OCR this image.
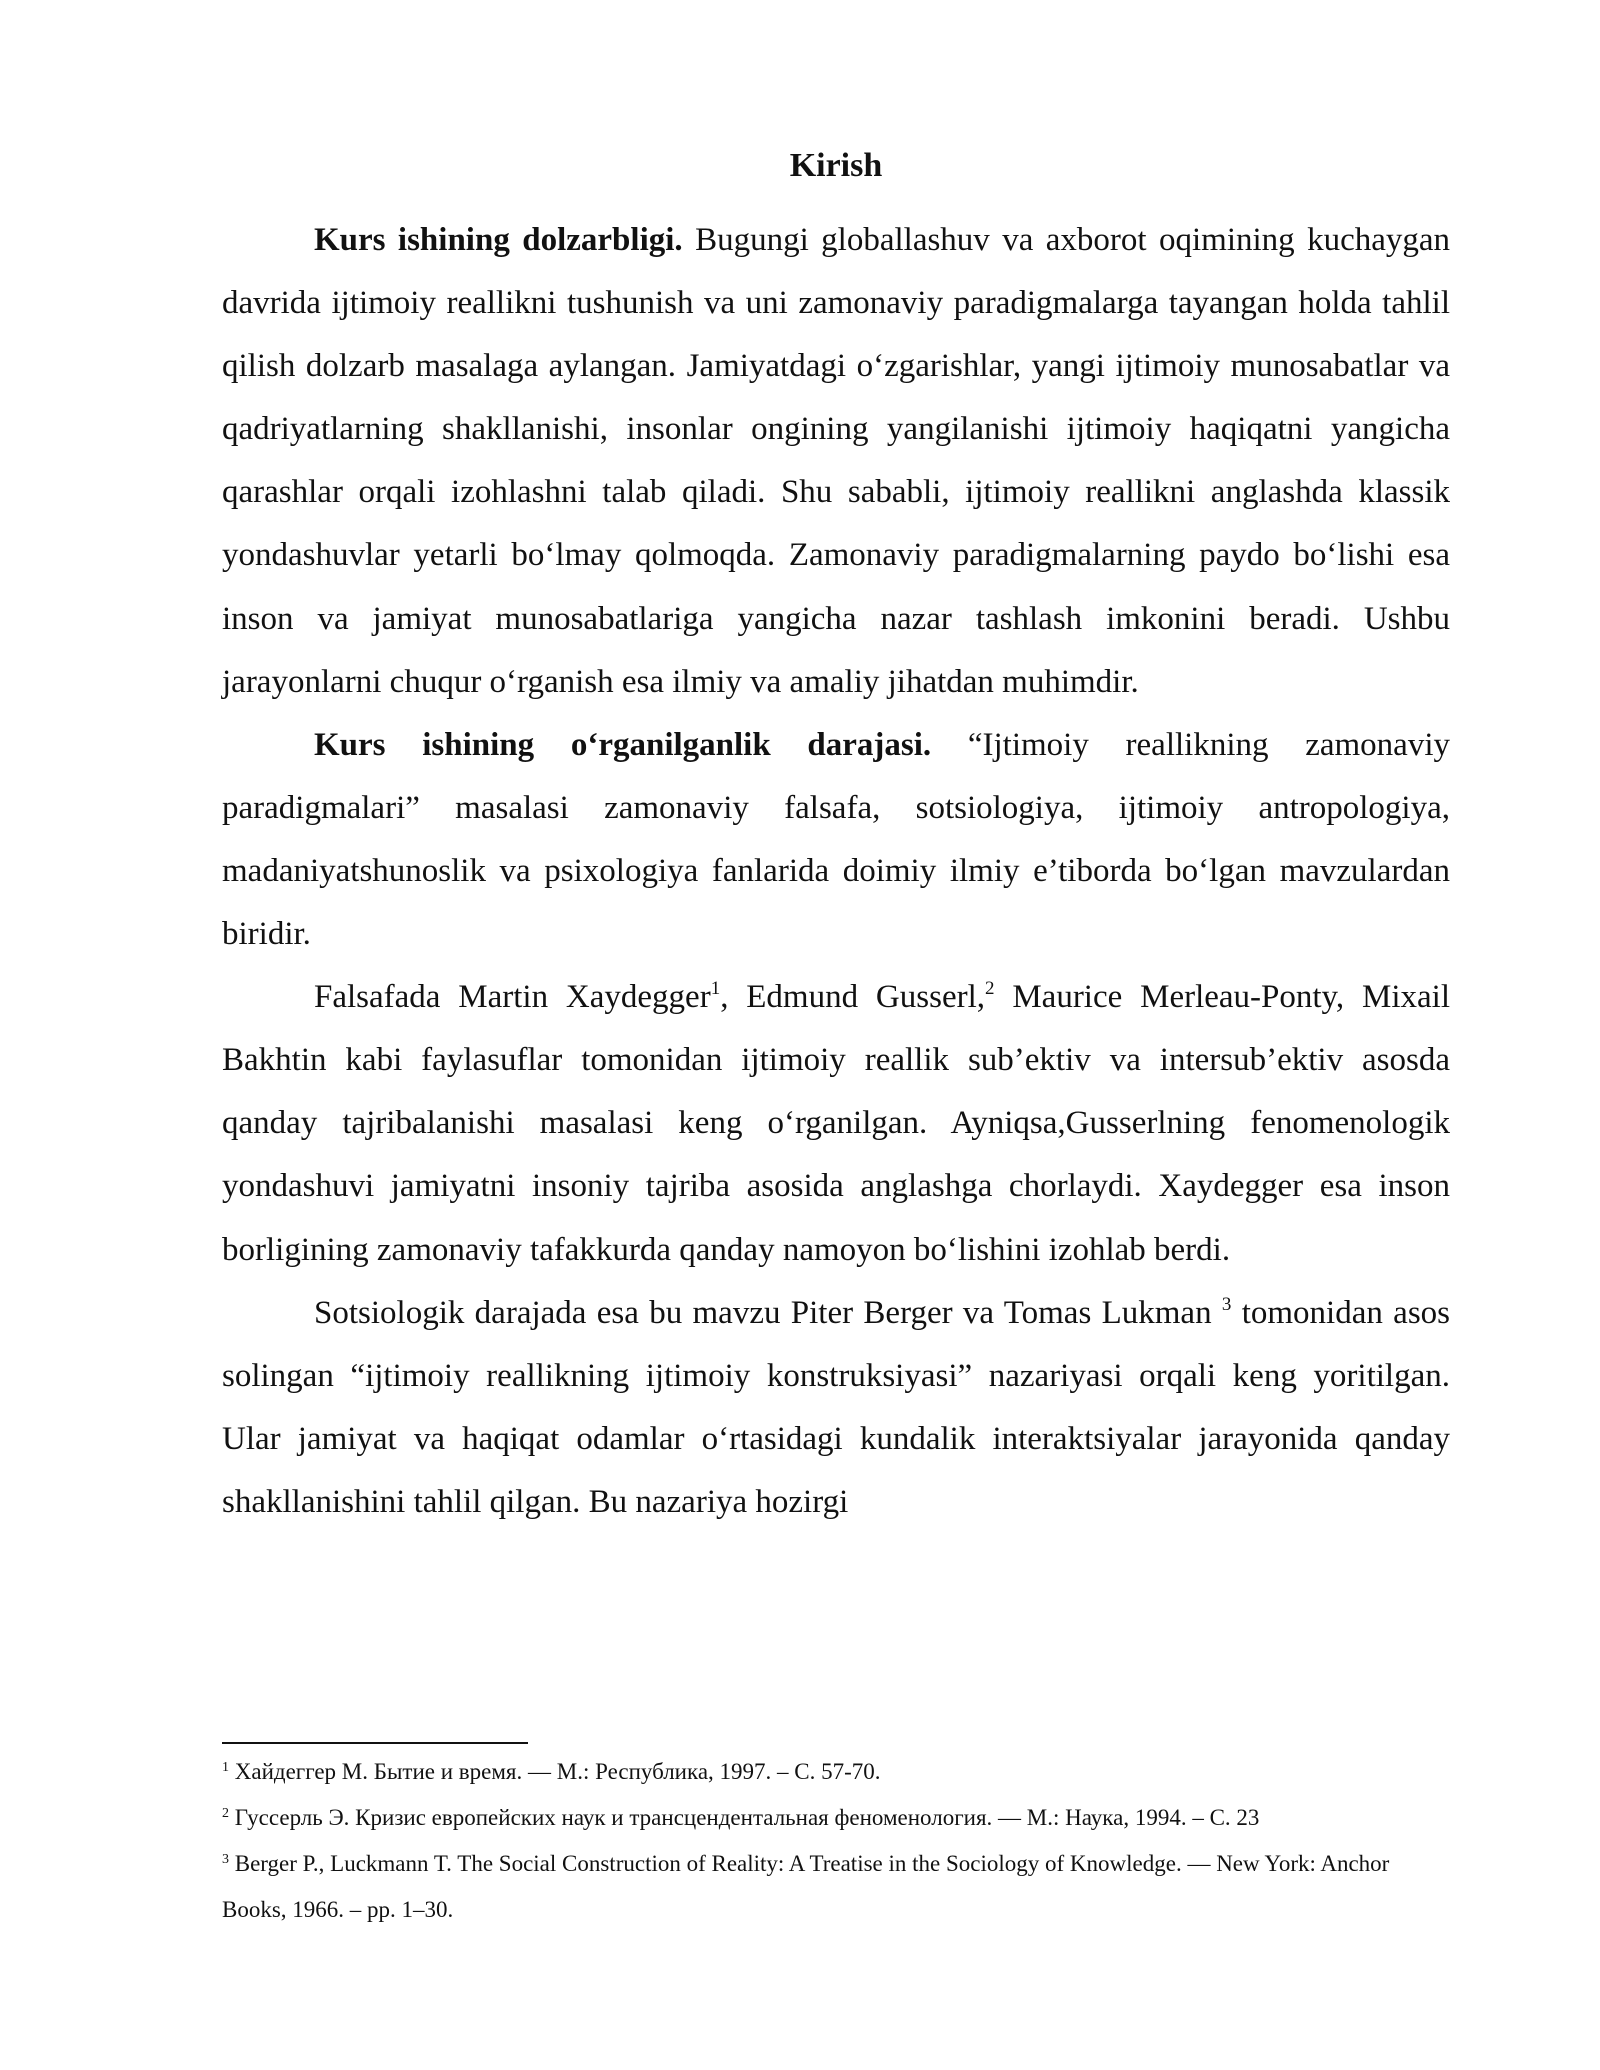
Kirish

Kurs ishining dolzarbligi. Bugungi globallashuv va axborot oqimining kuchaygan davrida ijtimoiy reallikni tushunish va uni zamonaviy paradigmalarga tayangan holda tahlil qilish dolzarb masalaga aylangan. Jamiyatdagi o‘zgarishlar, yangi ijtimoiy munosabatlar va qadriyatlarning shakllanishi, insonlar ongining yangilanishi ijtimoiy haqiqatni yangicha qarashlar orqali izohlashni talab qiladi. Shu sababli, ijtimoiy reallikni anglashda klassik yondashuvlar yetarli bo‘lmay qolmoqda. Zamonaviy paradigmalarning paydo bo‘lishi esa inson va jamiyat munosabatlariga yangicha nazar tashlash imkonini beradi. Ushbu jarayonlarni chuqur o‘rganish esa ilmiy va amaliy jihatdan muhimdir.

Kurs ishining o‘rganilganlik darajasi. “Ijtimoiy reallikning zamonaviy paradigmalari” masalasi zamonaviy falsafa, sotsiologiya, ijtimoiy antropologiya, madaniyatshunoslik va psixologiya fanlarida doimiy ilmiy e’tiborda bo‘lgan mavzulardan biridir.

Falsafada Martin Xaydegger$^1$, Edmund Gusserl,$^2$ Maurice Merleau-Ponty, Mixail Bakhtin kabi faylasuflar tomonidan ijtimoiy reallik sub’ektiv va intersub’ektiv asosda qanday tajribalanishi masalasi keng o‘rganilgan. Ayniqsa,Gusserlning fenomenologik yondashuvi jamiyatni insoniy tajriba asosida anglashga chorlaydi. Xaydegger esa inson borligining zamonaviy tafakkurda qanday namoyon bo‘lishini izohlab berdi.

Sotsiologik darajada esa bu mavzu Piter Berger va Tomas Lukman $^3$ tomonidan asos solingan “ijtimoiy reallikning ijtimoiy konstruksiyasi” nazariyasi orqali keng yoritilgan. Ular jamiyat va haqiqat odamlar o‘rtasidagi kundalik interaktsiyalar jarayonida qanday shakllanishini tahlil qilgan. Bu nazariya hozirgi

$^1$ Хайдеггер М. Бытие и время. — М.: Республика, 1997. – С. 57-70.

$^2$ Гуссерль Э. Кризис европейских наук и трансцендентальная феноменология. — М.: Наука, 1994. – С. 23

$^3$ Berger P., Luckmann T. The Social Construction of Reality: A Treatise in the Sociology of Knowledge. — New York: Anchor Books, 1966. – pp. 1–30.
